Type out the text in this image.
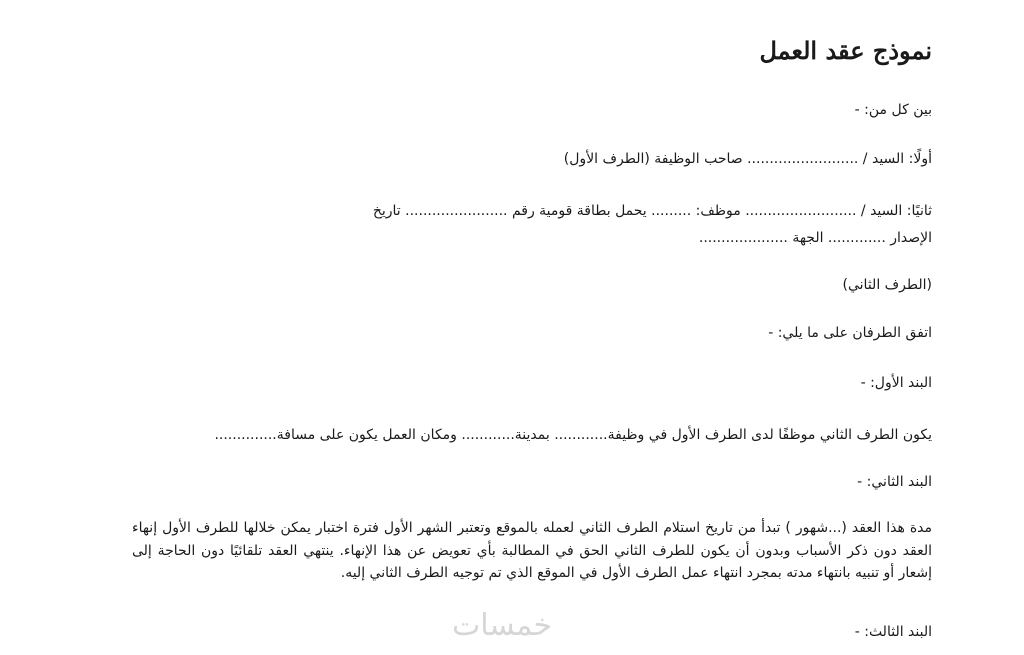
نموذج عقد العمل
بين كل من: -
أولًا: السيد / ......................... صاحب الوظيفة (الطرف الأول)
ثانيًا: السيد / ......................... موظف: ......... يحمل بطاقة قومية رقم ....................... تاريخ
الإصدار ............. الجهة ....................
(الطرف الثاني)
اتفق الطرفان على ما يلي: -
البند الأول: -
يكون الطرف الثاني موظفًا لدى الطرف الأول في وظيفة............ بمدينة............ ومكان العمل يكون على مسافة..............
البند الثاني: -
مدة هذا العقد (...شهور ) تبدأ من تاريخ استلام الطرف الثاني لعمله بالموقع وتعتبر الشهر الأول فترة اختبار يمكن خلالها للطرف الأول إنهاء العقد دون ذكر الأسباب وبدون أن يكون للطرف الثاني الحق في المطالبة بأي تعويض عن هذا الإنهاء. ينتهي العقد تلقائيًا دون الحاجة إلى إشعار أو تنبيه بانتهاء مدته بمجرد انتهاء عمل الطرف الأول في الموقع الذي تم توجيه الطرف الثاني إليه.
البند الثالث: -
خمسات
